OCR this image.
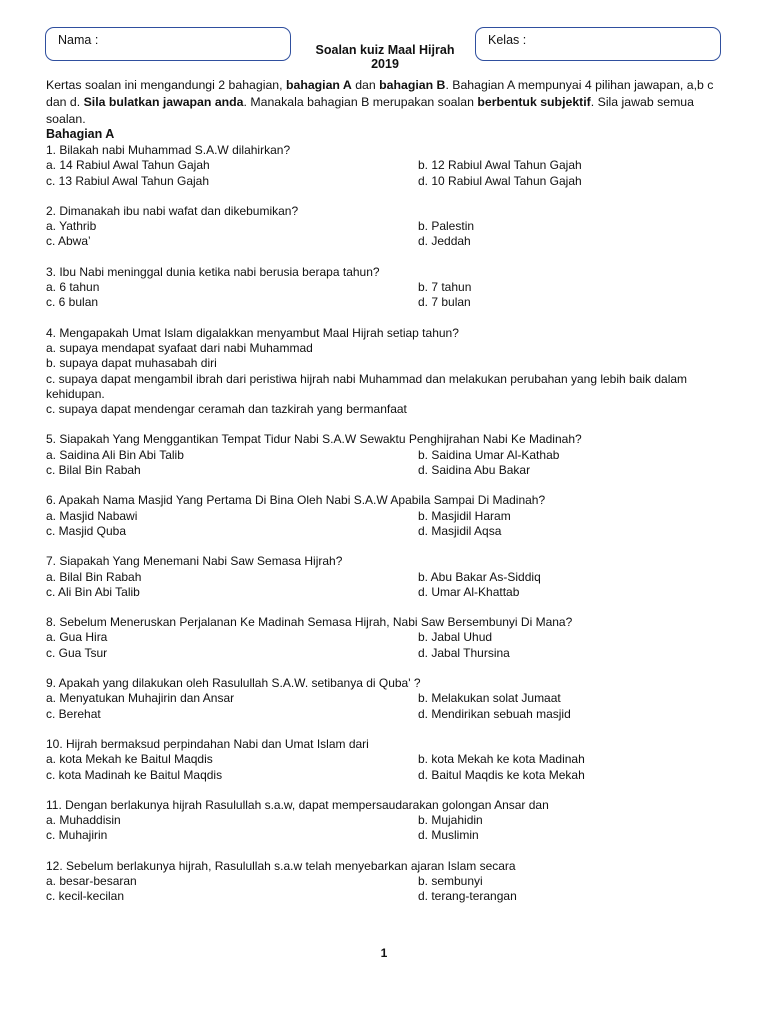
Nama :
Soalan kuiz Maal Hijrah 2019
Kelas :
Kertas soalan ini mengandungi 2 bahagian, bahagian A dan bahagian B. Bahagian A mempunyai 4 pilihan jawapan, a,b c dan d. Sila bulatkan jawapan anda. Manakala bahagian B merupakan soalan berbentuk subjektif. Sila jawab semua soalan.
Bahagian A
1. Bilakah nabi Muhammad S.A.W dilahirkan?
a. 14 Rabiul Awal Tahun Gajah	b. 12 Rabiul Awal Tahun Gajah
c. 13 Rabiul Awal Tahun Gajah	d. 10 Rabiul Awal Tahun Gajah
2. Dimanakah ibu nabi wafat dan dikebumikan?
a. Yathrib	b. Palestin
c. Abwa’	d. Jeddah
3. Ibu Nabi meninggal dunia ketika nabi berusia berapa tahun?
a. 6 tahun	b. 7 tahun
c. 6 bulan	d. 7 bulan
4. Mengapakah Umat Islam digalakkan menyambut Maal Hijrah setiap tahun?
a. supaya mendapat syafaat dari nabi Muhammad
b. supaya dapat muhasabah diri
c. supaya dapat mengambil ibrah dari peristiwa hijrah nabi Muhammad dan melakukan perubahan yang lebih baik dalam kehidupan.
c. supaya dapat mendengar ceramah dan tazkirah yang bermanfaat
5. Siapakah Yang Menggantikan Tempat Tidur Nabi S.A.W Sewaktu Penghijrahan Nabi Ke Madinah?
a. Saidina Ali Bin Abi Talib	b. Saidina Umar Al-Kathab
c. Bilal Bin Rabah	d. Saidina Abu Bakar
6. Apakah Nama Masjid Yang Pertama Di Bina Oleh Nabi S.A.W Apabila Sampai Di Madinah?
a. Masjid Nabawi	b. Masjidil Haram
c. Masjid Quba	d. Masjidil Aqsa
7. Siapakah Yang Menemani Nabi Saw Semasa Hijrah?
a. Bilal Bin Rabah	b. Abu Bakar As-Siddiq
c. Ali Bin Abi Talib	d. Umar Al-Khattab
8. Sebelum Meneruskan Perjalanan Ke Madinah Semasa Hijrah, Nabi Saw Bersembunyi Di Mana?
a. Gua Hira	b. Jabal Uhud
c. Gua Tsur	d. Jabal Thursina
9. Apakah yang dilakukan oleh Rasulullah S.A.W. setibanya di Quba' ?
a. Menyatukan Muhajirin dan Ansar	b. Melakukan solat Jumaat
c. Berehat	d. Mendirikan sebuah masjid
10. Hijrah bermaksud perpindahan Nabi dan Umat Islam dari
a. kota Mekah ke Baitul Maqdis	b. kota Mekah ke kota Madinah
c. kota Madinah ke Baitul Maqdis	d. Baitul Maqdis ke kota Mekah
11. Dengan berlakunya hijrah Rasulullah s.a.w, dapat mempersaudarakan golongan Ansar dan
a. Muhaddisin	b. Mujahidin
c. Muhajirin	d. Muslimin
12. Sebelum berlakunya hijrah, Rasulullah s.a.w telah menyebarkan ajaran Islam secara
a. besar-besaran	b. sembunyi
c. kecil-kecilan	d. terang-terangan
1
